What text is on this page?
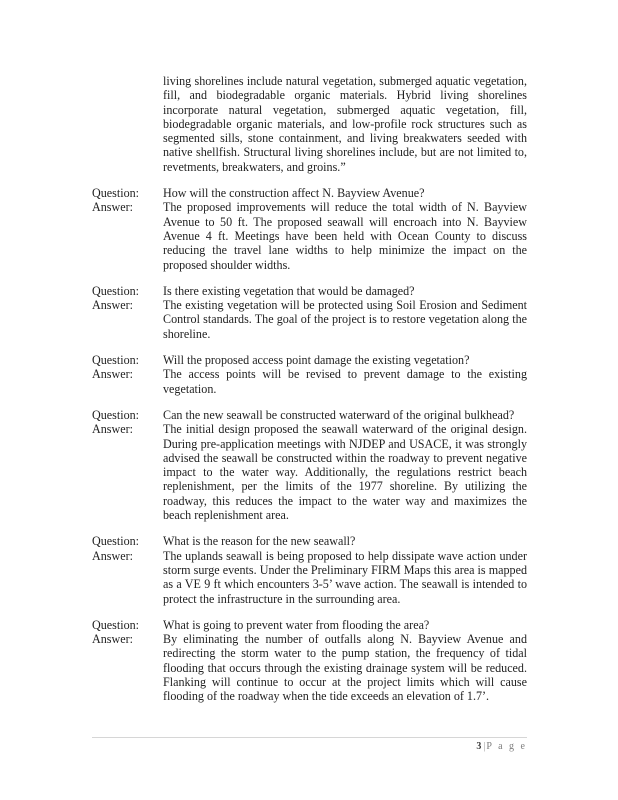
living shorelines include natural vegetation, submerged aquatic vegetation, fill, and biodegradable organic materials. Hybrid living shorelines incorporate natural vegetation, submerged aquatic vegetation, fill, biodegradable organic materials, and low-profile rock structures such as segmented sills, stone containment, and living breakwaters seeded with native shellfish. Structural living shorelines include, but are not limited to, revetments, breakwaters, and groins.”

Question:	How will the construction affect N. Bayview Avenue?
Answer:	The proposed improvements will reduce the total width of N. Bayview Avenue to 50 ft. The proposed seawall will encroach into N. Bayview Avenue 4 ft. Meetings have been held with Ocean County to discuss reducing the travel lane widths to help minimize the impact on the proposed shoulder widths.
Question:	Is there existing vegetation that would be damaged?
Answer:	The existing vegetation will be protected using Soil Erosion and Sediment Control standards. The goal of the project is to restore vegetation along the shoreline.
Question:	Will the proposed access point damage the existing vegetation?
Answer:	The access points will be revised to prevent damage to the existing vegetation.
Question:	Can the new seawall be constructed waterward of the original bulkhead?
Answer:	The initial design proposed the seawall waterward of the original design. During pre-application meetings with NJDEP and USACE, it was strongly advised the seawall be constructed within the roadway to prevent negative impact to the water way. Additionally, the regulations restrict beach replenishment, per the limits of the 1977 shoreline. By utilizing the roadway, this reduces the impact to the water way and maximizes the beach replenishment area.
Question:	What is the reason for the new seawall?
Answer:	The uplands seawall is being proposed to help dissipate wave action under storm surge events. Under the Preliminary FIRM Maps this area is mapped as a VE 9 ft which encounters 3-5’ wave action. The seawall is intended to protect the infrastructure in the surrounding area.
Question:	What is going to prevent water from flooding the area?
Answer:	By eliminating the number of outfalls along N. Bayview Avenue and redirecting the storm water to the pump station, the frequency of tidal flooding that occurs through the existing drainage system will be reduced. Flanking will continue to occur at the project limits which will cause flooding of the roadway when the tide exceeds an elevation of 1.7’.
3|P a g e
